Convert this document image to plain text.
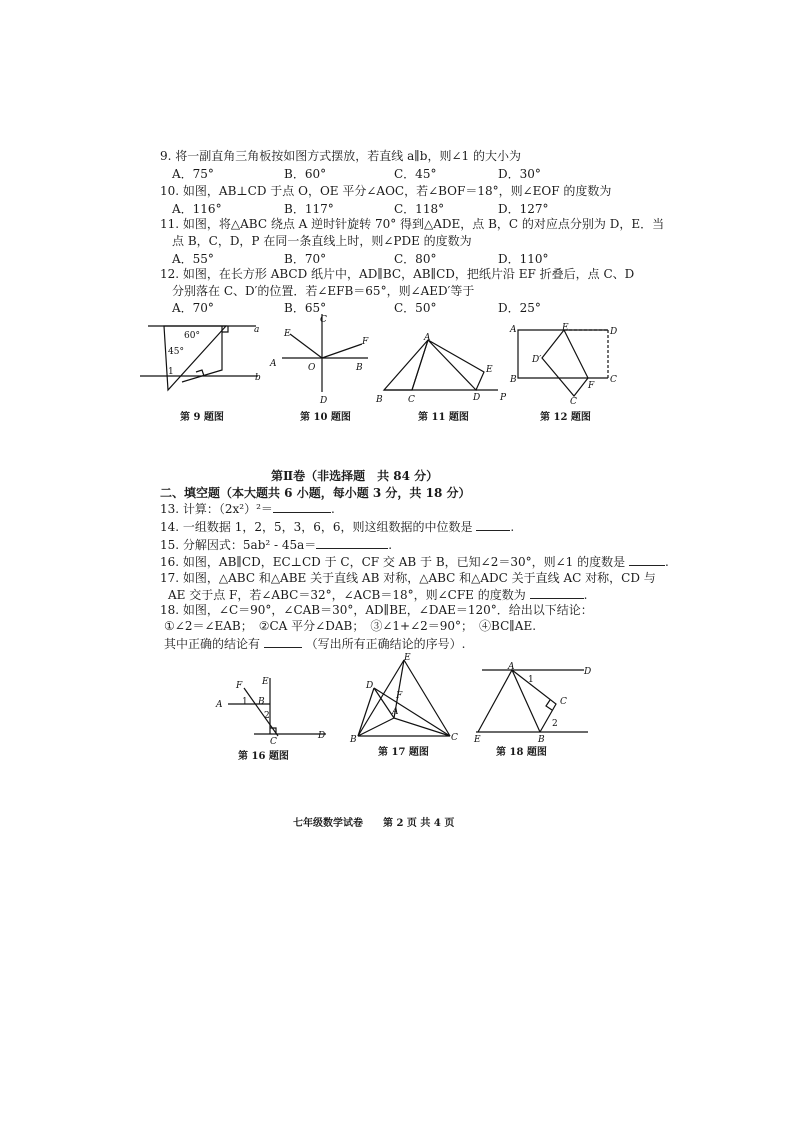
9. 将一副直角三角板按如图方式摆放，若直线 a∥b，则∠1 的大小为
A．75°	B．60°	C．45°	D．30°
10. 如图，AB⊥CD 于点 O，OE 平分∠AOC，若∠BOF＝18°，则∠EOF 的度数为
A．116°	B．117°	C．118°	D．127°
11. 如图，将△ABC 绕点 A 逆时针旋转 70° 得到△ADE，点 B，C 的对应点分别为 D，E．当
点 B，C，D，P 在同一条直线上时，则∠PDE 的度数为
A．55°	B．70°	C．80°	D．110°
12. 如图，在长方形 ABCD 纸片中，AD∥BC，AB∥CD，把纸片沿 EF 折叠后，点 C、D
分别落在 C、D′的位置．若∠EFB＝65°，则∠AED′等于
A．70°	B．65°	C．50°	D．25°
a
b
60°
45°
1
第 9 题图
A	B
C
D
E
F
O
第 10 题图
A
B	C	D
E
P
第 11 题图
A
B	C
D
E
F
D′
C
第 12 题图
第Ⅱ卷（非选择题　共 84 分）
二、填空题（本大题共 6 小题，每小题 3 分，共 18 分）
13. 计算：（2x²）²＝	.
14. 一组数据 1，2，5，3，6，6，则这组数据的中位数是	.
15. 分解因式：5ab² - 45a＝	.
16. 如图，AB∥CD，EC⊥CD 于 C，CF 交 AB 于 B，已知∠2＝30°，则∠1 的度数是	.
17. 如图，△ABC 和△ABE 关于直线 AB 对称，△ABC 和△ADC 关于直线 AC 对称，CD 与
AE 交于点 F，若∠ABC＝32°，∠ACB＝18°，则∠CFE 的度数为	.
18. 如图，∠C＝90°，∠CAB＝30°，AD∥BE，∠DAE＝120°．给出以下结论：
①∠2＝∠EAB；　②CA 平分∠DAB；　③∠1+∠2＝90°；　④BC∥AE.
其中正确的结论有	（写出所有正确结论的序号）.
A	B
C
D
E
F
1
2
第 16 题图
A
B	C
D
E
F
第 17 题图
A
B
C
D
E
1
2
第 18 题图
七年级数学试卷　　第 2 页 共 4 页
